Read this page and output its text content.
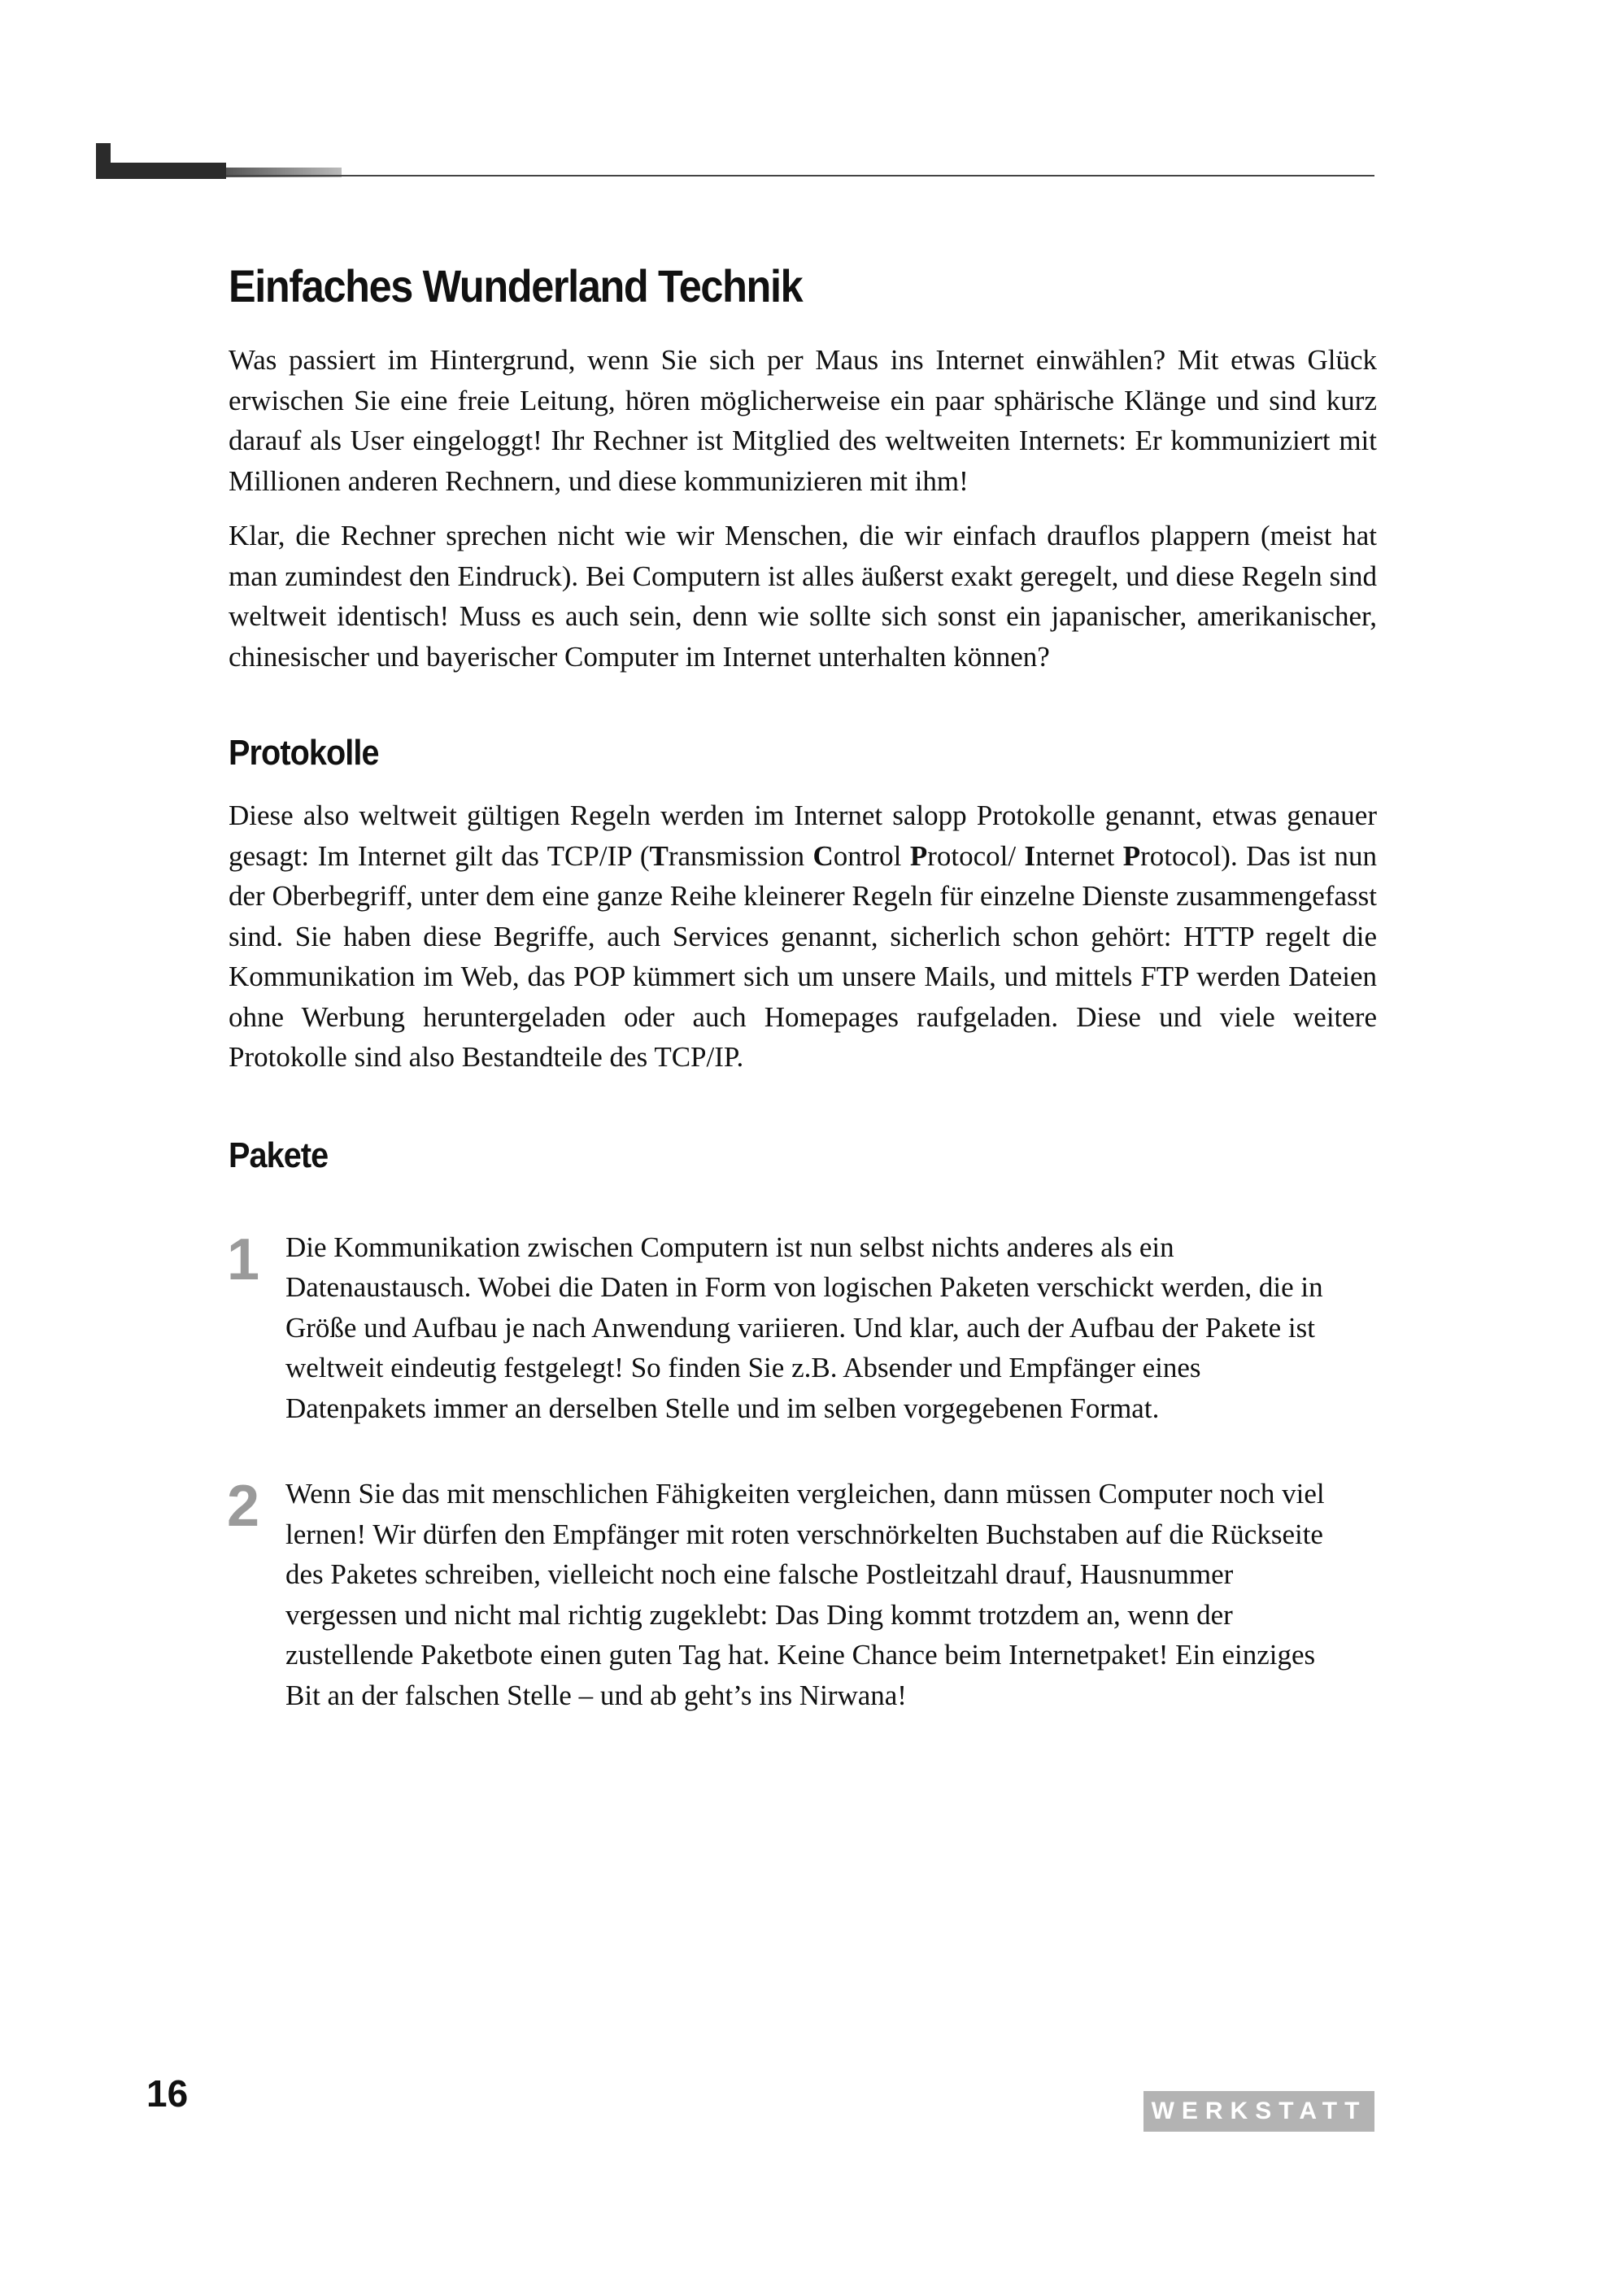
Einfaches Wunderland Technik

Was passiert im Hintergrund, wenn Sie sich per Maus ins Internet einwählen? Mit etwas Glück erwischen Sie eine freie Leitung, hören möglicherweise ein paar sphärische Klänge und sind kurz darauf als User eingeloggt! Ihr Rechner ist Mitglied des weltweiten Internets: Er kommuniziert mit Millionen anderen Rechnern, und diese kommunizieren mit ihm!

Klar, die Rechner sprechen nicht wie wir Menschen, die wir einfach drauflos plappern (meist hat man zumindest den Eindruck). Bei Computern ist alles äußerst exakt geregelt, und diese Regeln sind weltweit identisch! Muss es auch sein, denn wie sollte sich sonst ein japanischer, amerikanischer, chinesischer und bayerischer Computer im Internet unterhalten können?

Protokolle

Diese also weltweit gültigen Regeln werden im Internet salopp Protokolle genannt, etwas genauer gesagt: Im Internet gilt das TCP/IP (Transmission Control Protocol/ Internet Protocol). Das ist nun der Oberbegriff, unter dem eine ganze Reihe kleinerer Regeln für einzelne Dienste zusammengefasst sind. Sie haben diese Begriffe, auch Services genannt, sicherlich schon gehört: HTTP regelt die Kommunikation im Web, das POP kümmert sich um unsere Mails, und mittels FTP werden Dateien ohne Werbung heruntergeladen oder auch Homepages raufgeladen. Diese und viele weitere Protokolle sind also Bestandteile des TCP/IP.

Pakete
1 Die Kommunikation zwischen Computern ist nun selbst nichts anderes als ein Datenaustausch. Wobei die Daten in Form von logischen Paketen verschickt werden, die in Größe und Aufbau je nach Anwendung variieren. Und klar, auch der Aufbau der Pakete ist weltweit eindeutig festgelegt! So finden Sie z.B. Absender und Empfänger eines Datenpakets immer an derselben Stelle und im selben vorgegebenen Format.
2 Wenn Sie das mit menschlichen Fähigkeiten vergleichen, dann müssen Computer noch viel lernen! Wir dürfen den Empfänger mit roten verschnörkelten Buchstaben auf die Rückseite des Paketes schreiben, vielleicht noch eine falsche Postleitzahl drauf, Hausnummer vergessen und nicht mal richtig zugeklebt: Das Ding kommt trotzdem an, wenn der zustellende Paketbote einen guten Tag hat. Keine Chance beim Internetpaket! Ein einziges Bit an der falschen Stelle – und ab geht’s ins Nirwana!
16	WERKSTATT
